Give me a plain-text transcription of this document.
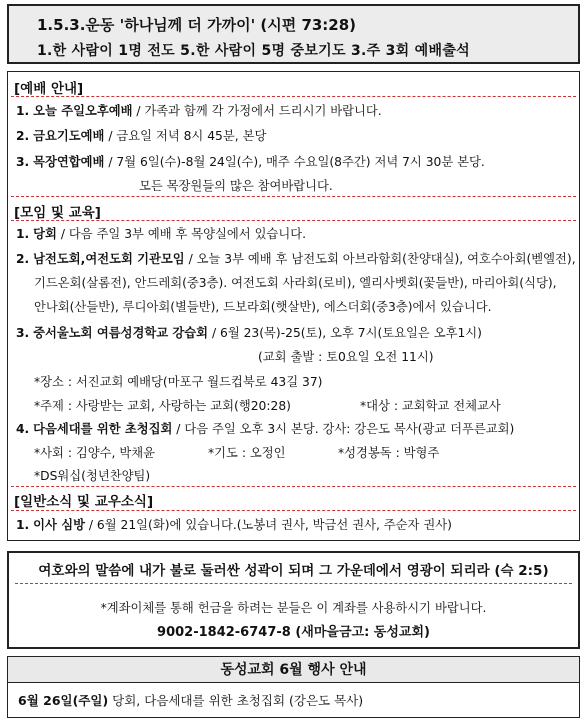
1.5.3.운동 '하나님께 더 가까이' (시편 73:28)
1.한 사람이 1명 전도 5.한 사람이 5명 중보기도 3.주 3회 예배출석
[예배 안내]
1. 오늘 주일오후예배 / 가족과 함께 각 가정에서 드리시기 바랍니다.
2. 금요기도예배 / 금요일 저녁 8시 45분, 본당
3. 목장연합예배 / 7월 6일(수)-8월 24일(수), 매주 수요일(8주간) 저녁 7시 30분 본당.
모든 목장원들의 많은 참여바랍니다.
[모임 및 교육]
1. 당회 / 다음 주일 3부 예배 후 목양실에서 있습니다.
2. 남전도회,여전도회 기관모임 / 오늘 3부 예배 후 남전도회 아브라함회(찬양대실), 여호수아회(벧엘전),
기드온회(살롬전), 안드레회(중3층). 여전도회 사라회(로비), 엘리사벳회(꽃들반), 마리아회(식당),
안나회(산들반), 루디아회(별들반), 드보라회(햇살반), 에스더회(중3층)에서 있습니다.
3. 중서울노회 여름성경학교 강습회 / 6월 23(목)-25(토), 오후 7시(토요일은 오후1시)
(교회 출발 : 토0요일 오전 11시)
*장소 : 서진교회 예배당(마포구 월드컵북로 43길 37)
*주제 : 사랑받는 교회, 사랑하는 교회(행20:28)	*대상 : 교회학교 전체교사
4. 다음세대를 위한 초청집회 / 다음 주일 오후 3시 본당. 강사: 강은도 목사(광교 더푸른교회)
*사회 : 김양수, 박채윤	*기도 : 오정인	*성경봉독 : 박형주
*DS워십(청년찬양팀)
[일반소식 및 교우소식]
1. 이사 심방 / 6월 21일(화)에 있습니다.(노봉녀 권사, 박금선 권사, 주순자 권사)
여호와의 말씀에 내가 불로 둘러싼 성곽이 되며 그 가운데에서 영광이 되리라 (슥 2:5)
*계좌이체를 통해 헌금을 하려는 분들은 이 계좌를 사용하시기 바랍니다.
9002-1842-6747-8 (새마을금고: 동성교회)
동성교회 6월 행사 안내
6월 26일(주일) 당회, 다음세대를 위한 초청집회 (강은도 목사)
